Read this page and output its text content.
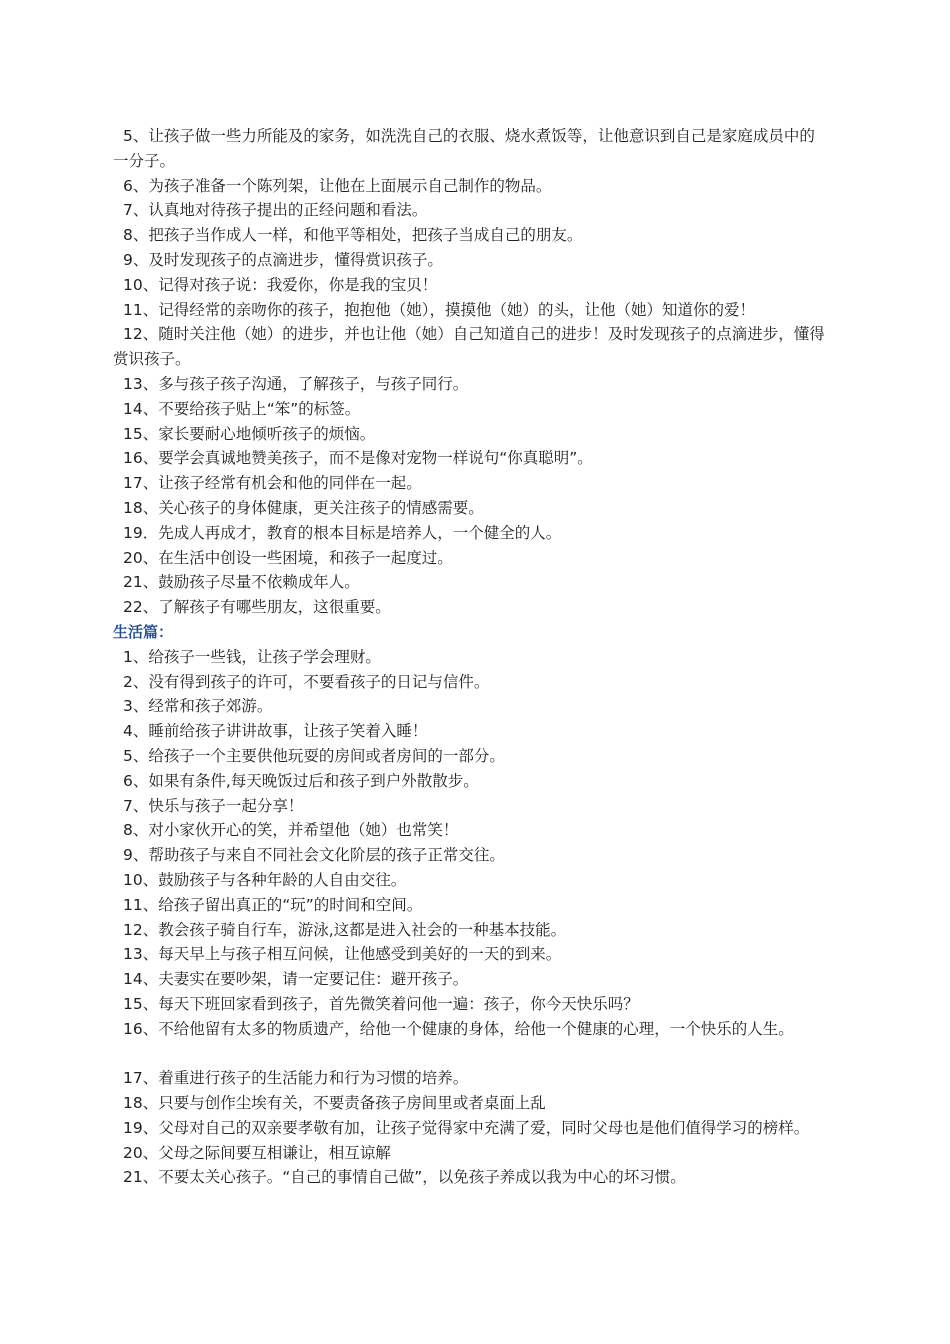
5、让孩子做一些力所能及的家务，如洗洗自己的衣服、烧水煮饭等，让他意识到自己是家庭成员中的一分子。

6、为孩子准备一个陈列架，让他在上面展示自己制作的物品。

7、认真地对待孩子提出的正经问题和看法。

8、把孩子当作成人一样，和他平等相处，把孩子当成自己的朋友。

9、及时发现孩子的点滴进步，懂得赏识孩子。

10、记得对孩子说：我爱你，你是我的宝贝！

11、记得经常的亲吻你的孩子，抱抱他（她），摸摸他（她）的头，让他（她）知道你的爱！

12、随时关注他（她）的进步，并也让他（她）自己知道自己的进步！及时发现孩子的点滴进步，懂得赏识孩子。

13、多与孩子孩子沟通，了解孩子，与孩子同行。

14、不要给孩子贴上“笨”的标签。

15、家长要耐心地倾听孩子的烦恼。

16、要学会真诚地赞美孩子，而不是像对宠物一样说句“你真聪明”。

17、让孩子经常有机会和他的同伴在一起。

18、关心孩子的身体健康，更关注孩子的情感需要。

19．先成人再成才，教育的根本目标是培养人，一个健全的人。

20、在生活中创设一些困境，和孩子一起度过。

21、鼓励孩子尽量不依赖成年人。

22、了解孩子有哪些朋友，这很重要。

生活篇：

1、给孩子一些钱，让孩子学会理财。

2、没有得到孩子的许可，不要看孩子的日记与信件。

3、经常和孩子郊游。

4、睡前给孩子讲讲故事，让孩子笑着入睡！

5、给孩子一个主要供他玩耍的房间或者房间的一部分。

6、如果有条件,每天晚饭过后和孩子到户外散散步。

7、快乐与孩子一起分享！

8、对小家伙开心的笑，并希望他（她）也常笑！

9、帮助孩子与来自不同社会文化阶层的孩子正常交往。

10、鼓励孩子与各种年龄的人自由交往。

11、给孩子留出真正的“玩”的时间和空间。

12、教会孩子骑自行车，游泳,这都是进入社会的一种基本技能。

13、每天早上与孩子相互问候，让他感受到美好的一天的到来。

14、夫妻实在要吵架，请一定要记住：避开孩子。

15、每天下班回家看到孩子，首先微笑着问他一遍：孩子，你今天快乐吗？

16、不给他留有太多的物质遗产，给他一个健康的身体，给他一个健康的心理，一个快乐的人生。

17、着重进行孩子的生活能力和行为习惯的培养。

18、只要与创作尘埃有关，不要责备孩子房间里或者桌面上乱

19、父母对自己的双亲要孝敬有加，让孩子觉得家中充满了爱，同时父母也是他们值得学习的榜样。

20、父母之际间要互相谦让，相互谅解

21、不要太关心孩子。“自己的事情自己做”，以免孩子养成以我为中心的坏习惯。
